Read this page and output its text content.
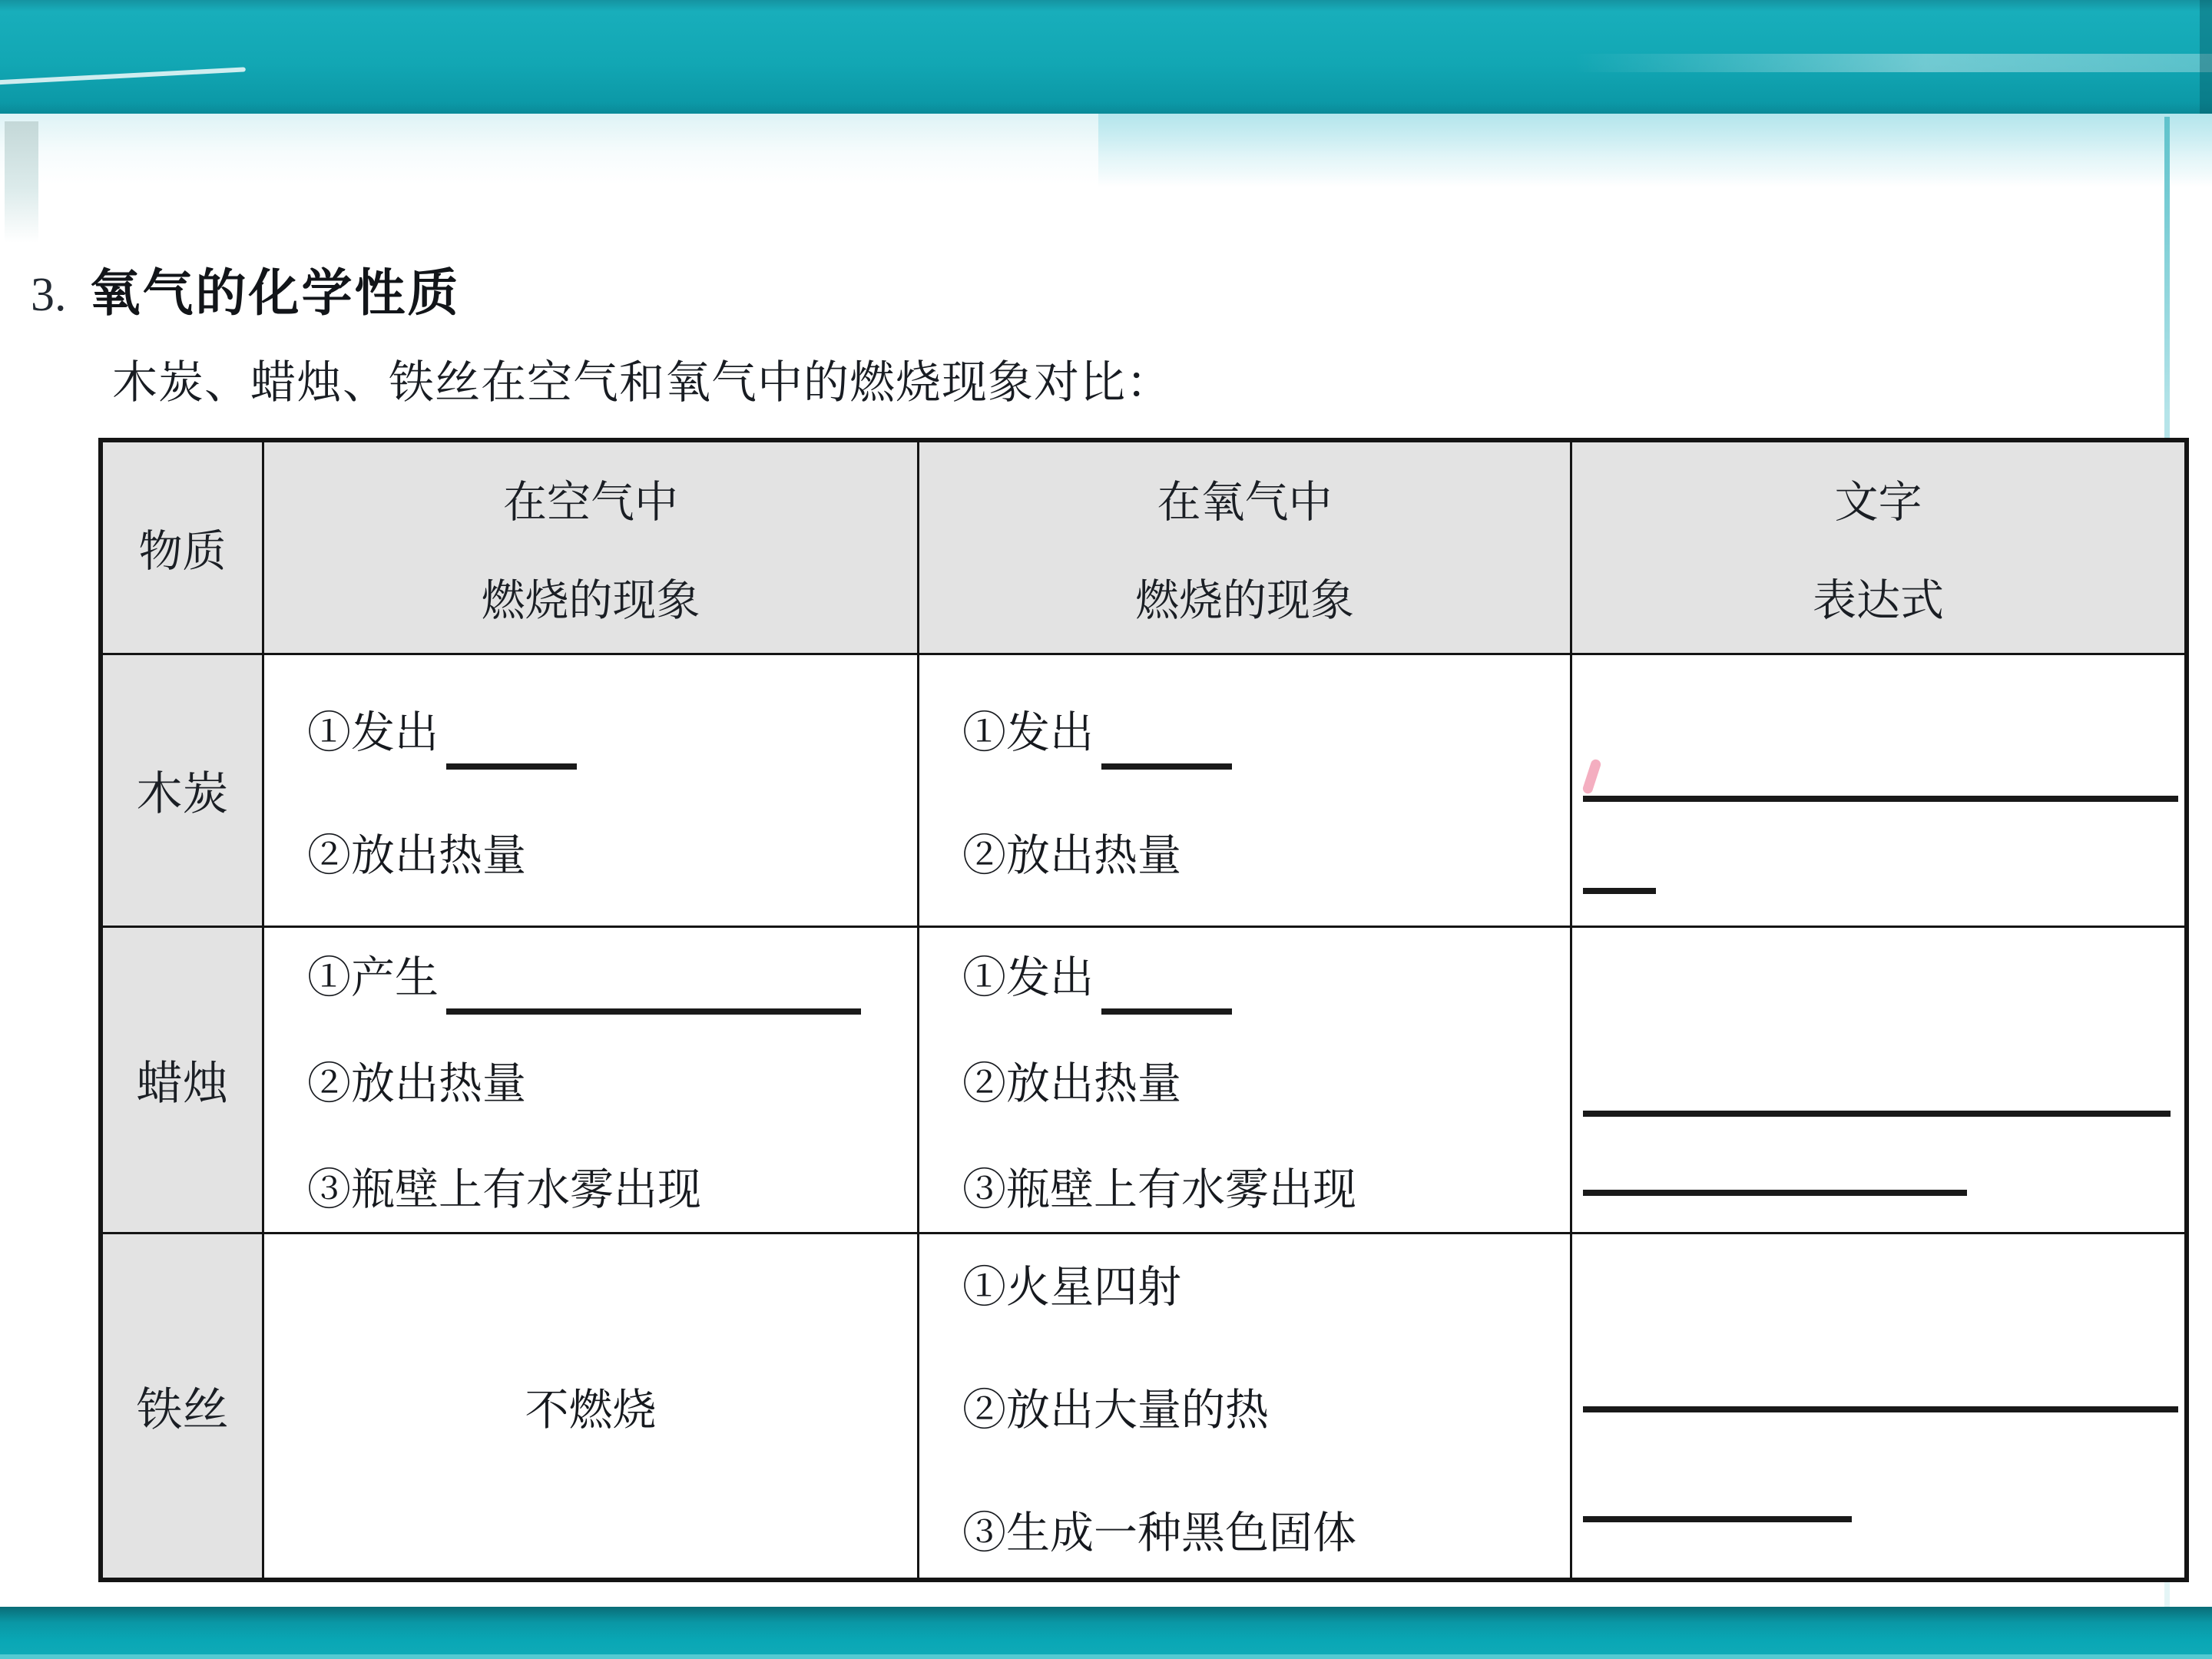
3. 氧气的化学性质
木炭、蜡烛、铁丝在空气和氧气中的燃烧现象对比：
物质
在空气中
燃烧的现象
在氧气中
燃烧的现象
文字
表达式
木炭
①发出
②放出热量
①发出
②放出热量
蜡烛
①产生
②放出热量
③瓶壁上有水雾出现
①发出
②放出热量
③瓶壁上有水雾出现
铁丝	不燃烧
①火星四射
②放出大量的热
③生成一种黑色固体
